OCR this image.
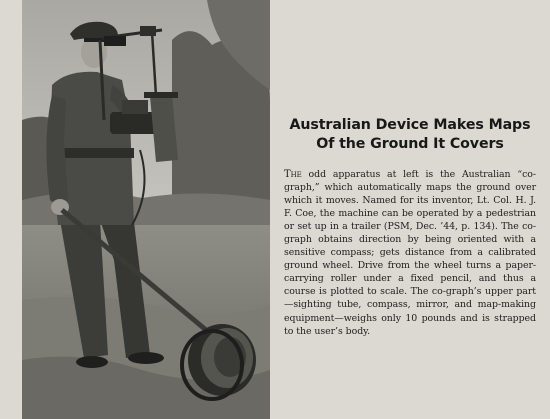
Australian Device Makes Maps
Of the Ground It Covers

The odd apparatus at left is the Australian “co-graph,” which automatically maps the ground over which it moves. Named for its inventor, Lt. Col. H. J. F. Coe, the machine can be operated by a pedestrian or set up in a trailer (PSM, Dec. ’44, p. 134). The co-graph obtains direction by being oriented with a sensitive compass; gets distance from a calibrated ground wheel. Drive from the wheel turns a paper-carrying roller under a fixed pencil, and thus a course is plotted to scale. The co-graph’s upper part —sighting tube, compass, mirror, and map-making equipment—weighs only 10 pounds and is strapped to the user’s body.
